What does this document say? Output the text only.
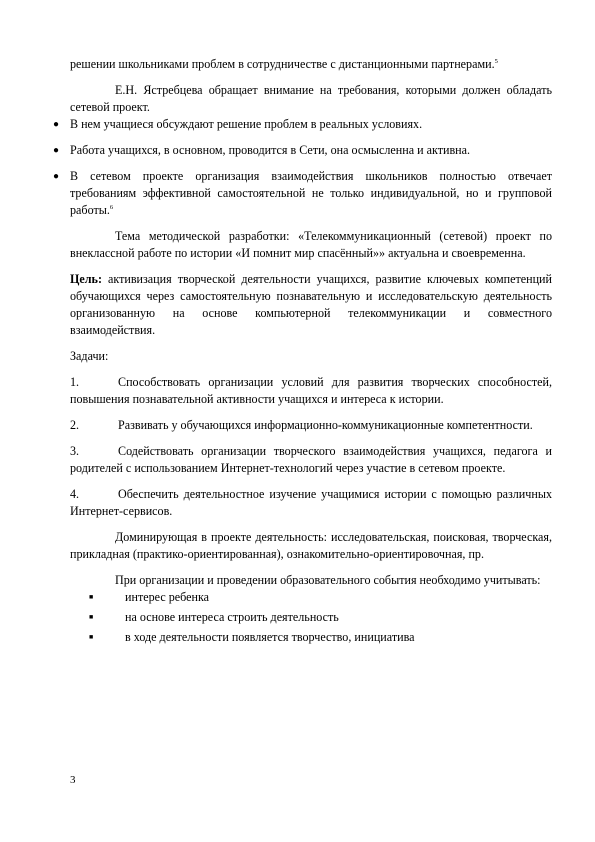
решении школьниками проблем в сотрудничестве с дистанционными партнерами.$^5$

Е.Н. Ястребцева обращает внимание на требования, которыми должен обладать сетевой проект.

● В нем учащиеся обсуждают решение проблем в реальных условиях.
● Работа учащихся, в основном, проводится в Сети, она осмысленна и активна.
● В сетевом проекте организация взаимодействия школьников полностью отвечает требованиям эффективной самостоятельной не только индивидуальной, но и групповой работы.$^6$

Тема методической разработки: «Телекоммуникационный (сетевой) проект по внеклассной работе по истории «И помнит мир спасённый»» актуальна и своевременна.

Цель: активизация творческой деятельности учащихся, развитие ключевых компетенций обучающихся через самостоятельную познавательную и исследовательскую деятельность организованную на основе компьютерной телекоммуникации и совместного взаимодействия.

Задачи:

1.	Способствовать организации условий для развития творческих способностей, повышения познавательной активности учащихся и интереса к истории.

2.	Развивать у обучающихся информационно-коммуникационные компетентности.

3.	Содействовать организации творческого взаимодействия учащихся, педагога и родителей с использованием Интернет-технологий через участие в сетевом проекте.

4.	Обеспечить деятельностное изучение учащимися истории с помощью различных Интернет-сервисов.

Доминирующая в проекте деятельность: исследовательская, поисковая, творческая, прикладная (практико-ориентированная), ознакомительно-ориентировочная, пр.

При организации и проведении образовательного события необходимо учитывать:

■	интерес ребенка
■	на основе интереса строить деятельность
■	в ходе деятельности появляется творчество, инициатива
3
